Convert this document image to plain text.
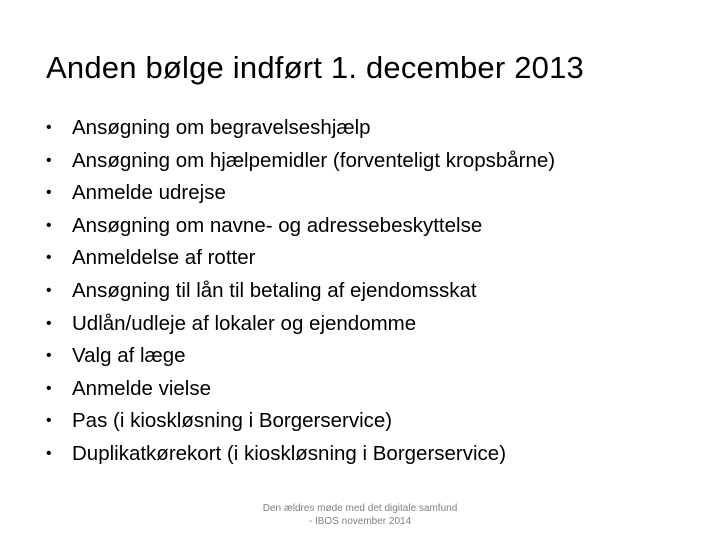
Anden bølge indført 1. december 2013
• Ansøgning om begravelseshjælp
• Ansøgning om hjælpemidler (forventeligt kropsbårne)
• Anmelde udrejse
• Ansøgning om navne- og adressebeskyttelse
• Anmeldelse af rotter
• Ansøgning til lån til betaling af ejendomsskat
• Udlån/udleje af lokaler og ejendomme
• Valg af læge
• Anmelde vielse
• Pas (i kioskløsning i Borgerservice)
• Duplikatkørekort (i kioskløsning i Borgerservice)
Den ældres møde med det digitale samfund
- IBOS november 2014
